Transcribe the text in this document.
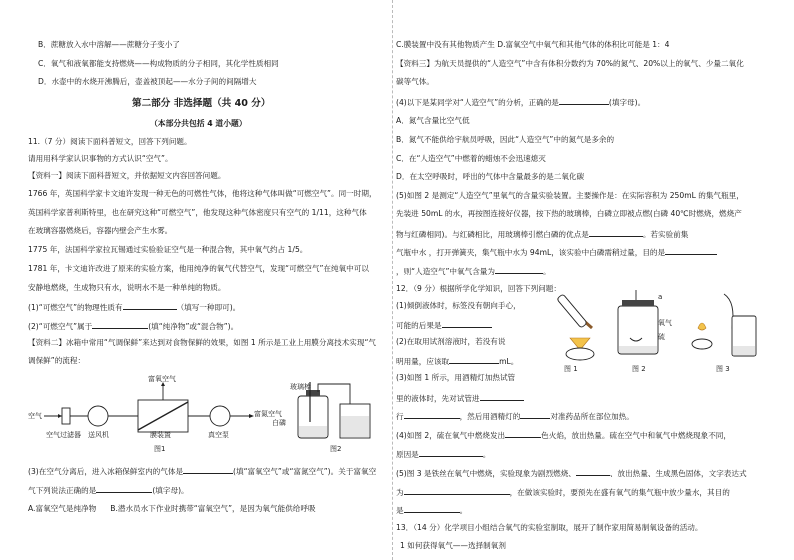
B．蔗糖放入水中溶解——蔗糖分子变小了
C．氧气和液氧都能支持燃烧——构成物质的分子相同，其化学性质相同
D．水壶中的水烧开沸腾后，壶盖被顶起——水分子间的间隔增大
第二部分 非选择题（共 40 分）
（本部分共包括 4 道小题）
11.（7 分）阅读下面科普短文，回答下列问题。
请用用科学家认识事物的方式认识“空气”。
【资料一】阅读下面科普短文，并依据短文内容回答问题。
1766 年，英国科学家卡文迪许发现一种无色的可燃性气体，他将这种气体叫做“可燃空气”。同一时期，
英国科学家普利斯特里，也在研究这种“可燃空气”，他发现这种气体密度只有空气的 1/11，这种气体
在玻璃容器燃烧后，容器内壁会产生水雾。
1775 年，法国科学家拉瓦锡通过实验验证空气是一种混合物，其中氧气约占 1/5。
1781 年，卡文迪许改进了原来的实验方案，他用纯净的氧气代替空气，发现“可燃空气”在纯氧中可以
安静地燃烧，生成物只有水，说明水不是一种单纯的物质。
(1)“可燃空气”的物理性质有	（填写一种即可)。
(2)“可燃空气”属于	(填“纯净物”或“混合物”)。
【资料二】冰箱中常用“气调保鲜”来达到对食物保鲜的效果，如图 1 所示是工业上用膜分离技术实现“气
调保鲜”的流程：
空气
空气过滤器 送风机	膜装置	真空泵
富氧空气
富氮空气
图1
玻璃棒
白磷
图2
(3)在空气分离后，进入冰箱保鲜室内的气体是	(填“富氧空气”或“富氮空气”)。关于富氧空
气下列说法正确的是	(填字母)。
A.富氧空气是纯净物 B.潜水员水下作业时携带“富氧空气”，是因为氧气能供给呼吸
C.膜装置中没有其他物质产生 D.富氧空气中氧气和其他气体的体积比可能是 1：4
【资料三】为航天员提供的“人造空气”中含有体积分数约为 70%的氮气、20%以上的氧气、少量二氧化
碳等气体。
(4)以下是某同学对“人造空气”的分析，正确的是	(填字母)。
A．氮气含量比空气低
B．氮气不能供给宇航员呼吸，因此“人造空气”中的氮气是多余的
C．在“人造空气”中燃着的蜡烛不会迅速熄灭
D．在太空呼吸时，呼出的气体中含量最多的是二氧化碳
(5)如图 2 是测定“人造空气”里氧气的含量实验装置。主要操作是：在实际容积为 250mL 的集气瓶里，
先装进 50mL 的水，再按图连接好仪器，按下热的玻璃棒，白磷立即被点燃(白磷 40℃时燃烧，燃烧产
物与红磷相同)。与红磷相比，用玻璃棒引燃白磷的优点是	。若实验前集
气瓶中水 ，打开弹簧夹，集气瓶中水为 94mL，该实验中白磷需稍过量，目的是
，则“人造空气”中氧气含量为	。
12．（9 分）根据所学化学知识，回答下列问题：
(1)倾倒液体时，标签没有朝向手心，
可能的后果是
(2)在取用试剂溶液时，若没有说
明用量，应该取	mL。
(3)如图 1 所示，用酒精灯加热试管
里的液体时，先对试管进
行	，然后用酒精灯的	对准药品所在部位加热。
(4)如图 2，硫在氧气中燃烧发出	色火焰，放出热量。硫在空气中和氧气中燃烧现象不同，
原因是	。
(5)图 3 是铁丝在氧气中燃烧，实验现象为剧烈燃烧、	、放出热量、生成黑色固体，文字表达式
为	，在做该实验时，要预先在盛有氧气的集气瓶中放少量水，其目的
是	。
13．（14 分）化学项目小组结合氧气的实验室制取，展开了制作家用简易制氧设备的活动。
1 如何获得氧气——选择制氧剂
a
氧气
硫
图 1	图 2	图 3
